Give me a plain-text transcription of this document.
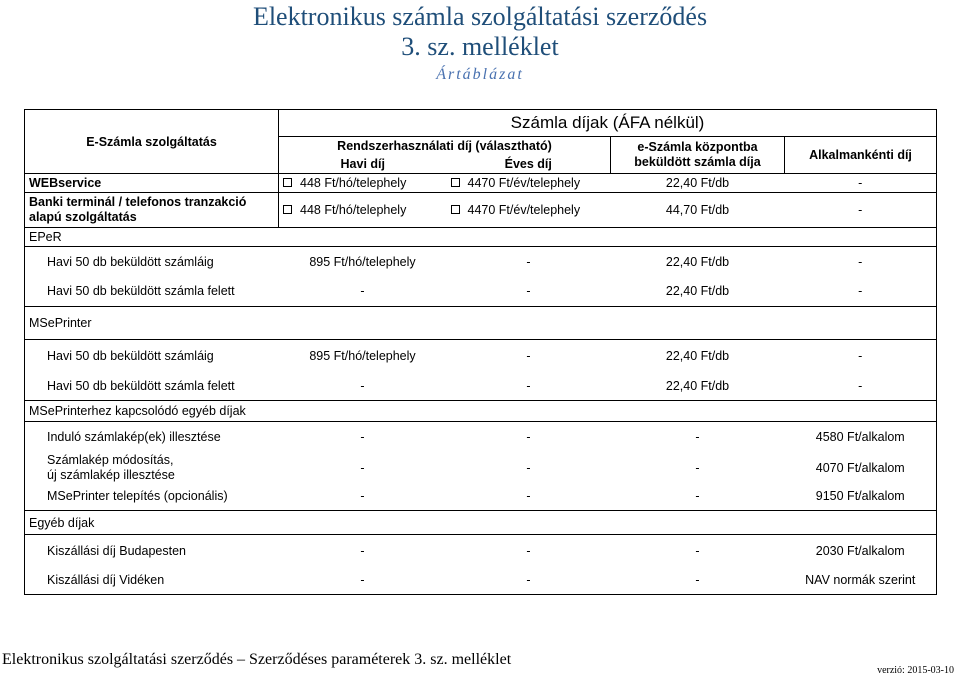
Elektronikus számla szolgáltatási szerződés
3. sz. melléklet
Ártáblázat
E-Számla szolgáltatás	Számla díjak (ÁFA nélkül)			
	Rendszerhasználati díj (választható)		e-Számla központba beküldött számla díja	Alkalmankénti díj
	Havi díj	Éves díj		
WEBservice	448 Ft/hó/telephely	4470 Ft/év/telephely	22,40 Ft/db	-
Banki terminál / telefonos tranzakció alapú szolgáltatás	448 Ft/hó/telephely	4470 Ft/év/telephely	44,70 Ft/db	-
EPeR				
Havi 50 db beküldött számláig	895 Ft/hó/telephely	-	22,40 Ft/db	-
Havi 50 db beküldött számla felett	-	-	22,40 Ft/db	-
MSePrinter				
Havi 50 db beküldött számláig	895 Ft/hó/telephely	-	22,40 Ft/db	-
Havi 50 db beküldött számla felett	-	-	22,40 Ft/db	-
MSePrinterhez kapcsolódó egyéb díjak				
Induló számlakép(ek) illesztése	-	-	-	4580 Ft/alkalom

Számlakép módosítás,
új számlakép illesztése	-	-	-	4070 Ft/alkalom
MSePrinter telepítés (opcionális)	-	-	-	9150 Ft/alkalom
Egyéb díjak				
Kiszállási díj Budapesten	-	-	-	2030 Ft/alkalom
Kiszállási díj Vidéken	-	-	-	NAV normák szerint
Elektronikus szolgáltatási szerződés – Szerződéses paraméterek 3. sz. melléklet
verzió: 2015-03-10
